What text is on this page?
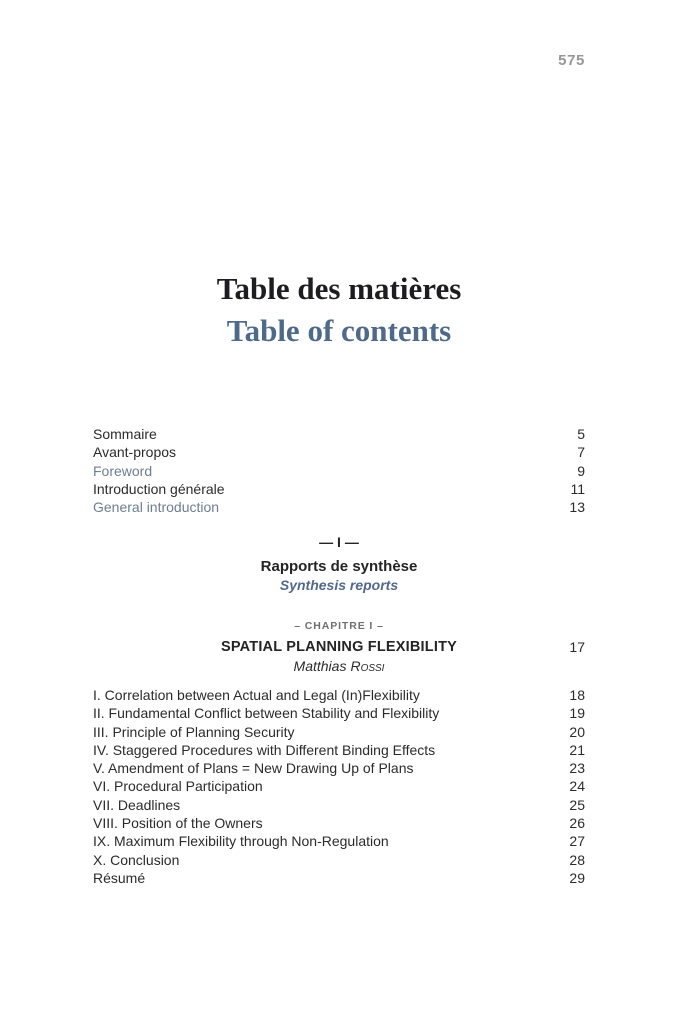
575
Table des matières
Table of contents
Sommaire	5
Avant-propos	7
Foreword	9
Introduction générale	11
General introduction	13
— I —
Rapports de synthèse
Synthesis reports
– CHAPITRE I –
SPATIAL PLANNING FLEXIBILITY	17
Matthias Rossi
I. Correlation between Actual and Legal (In)Flexibility	18
II. Fundamental Conflict between Stability and Flexibility	19
III. Principle of Planning Security	20
IV. Staggered Procedures with Different Binding Effects	21
V. Amendment of Plans = New Drawing Up of Plans	23
VI. Procedural Participation	24
VII. Deadlines	25
VIII. Position of the Owners	26
IX. Maximum Flexibility through Non-Regulation	27
X. Conclusion	28
Résumé	29
